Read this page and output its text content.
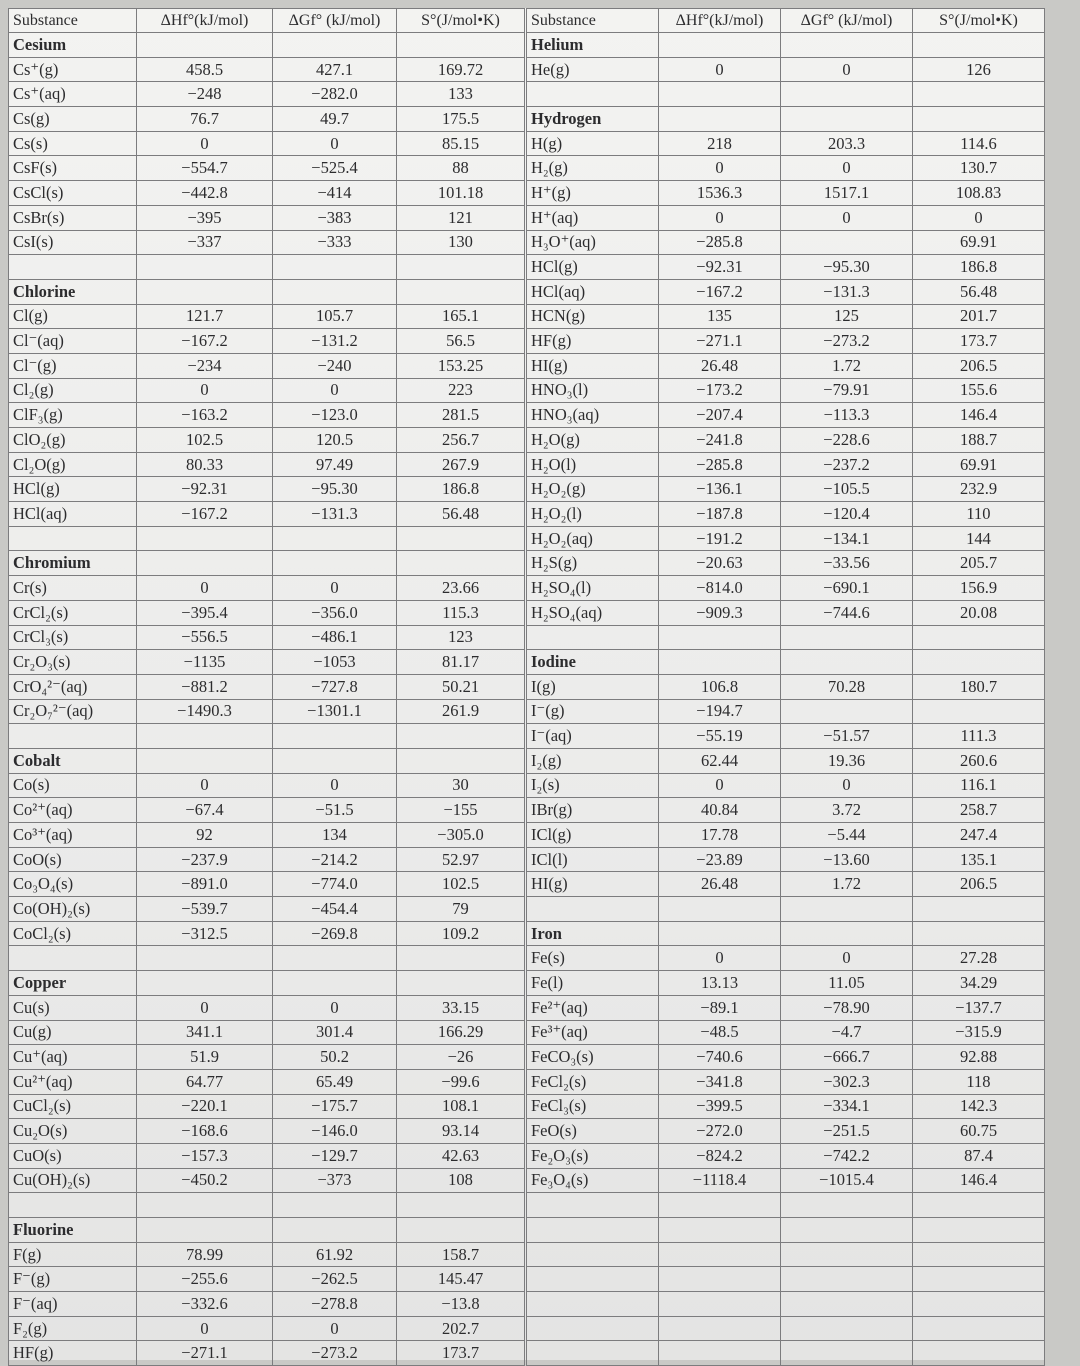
Substance	ΔHf°(kJ/mol)	ΔGf° (kJ/mol)	S°(J/mol•K)
Cesium			
Cs⁺(g)	458.5	427.1	169.72
Cs⁺(aq)	−248	−282.0	133
Cs(g)	76.7	49.7	175.5
Cs(s)	0	0	85.15
CsF(s)	−554.7	−525.4	88
CsCl(s)	−442.8	−414	101.18
CsBr(s)	−395	−383	121
CsI(s)	−337	−333	130

Chlorine			
Cl(g)	121.7	105.7	165.1
Cl⁻(aq)	−167.2	−131.2	56.5
Cl⁻(g)	−234	−240	153.25
Cl₂(g)	0	0	223
ClF₃(g)	−163.2	−123.0	281.5
ClO₂(g)	102.5	120.5	256.7
Cl₂O(g)	80.33	97.49	267.9
HCl(g)	−92.31	−95.30	186.8
HCl(aq)	−167.2	−131.3	56.48

Chromium			
Cr(s)	0	0	23.66
CrCl₂(s)	−395.4	−356.0	115.3
CrCl₃(s)	−556.5	−486.1	123
Cr₂O₃(s)	−1135	−1053	81.17
CrO₄²⁻(aq)	−881.2	−727.8	50.21
Cr₂O₇²⁻(aq)	−1490.3	−1301.1	261.9

Cobalt			
Co(s)	0	0	30
Co²⁺(aq)	−67.4	−51.5	−155
Co³⁺(aq)	92	134	−305.0
CoO(s)	−237.9	−214.2	52.97
Co₃O₄(s)	−891.0	−774.0	102.5
Co(OH)₂(s)	−539.7	−454.4	79
CoCl₂(s)	−312.5	−269.8	109.2

Copper			
Cu(s)	0	0	33.15
Cu(g)	341.1	301.4	166.29
Cu⁺(aq)	51.9	50.2	−26
Cu²⁺(aq)	64.77	65.49	−99.6
CuCl₂(s)	−220.1	−175.7	108.1
Cu₂O(s)	−168.6	−146.0	93.14
CuO(s)	−157.3	−129.7	42.63
Cu(OH)₂(s)	−450.2	−373	108

Fluorine			
F(g)	78.99	61.92	158.7
F⁻(g)	−255.6	−262.5	145.47
F⁻(aq)	−332.6	−278.8	−13.8
F₂(g)	0	0	202.7
HF(g)	−271.1	−273.2	173.7
Substance	ΔHf°(kJ/mol)	ΔGf° (kJ/mol)	S°(J/mol•K)
Helium			
He(g)	0	0	126

Hydrogen			
H(g)	218	203.3	114.6
H₂(g)	0	0	130.7
H⁺(g)	1536.3	1517.1	108.83
H⁺(aq)	0	0	0
H₃O⁺(aq)	−285.8		69.91
HCl(g)	−92.31	−95.30	186.8
HCl(aq)	−167.2	−131.3	56.48
HCN(g)	135	125	201.7
HF(g)	−271.1	−273.2	173.7
HI(g)	26.48	1.72	206.5
HNO₃(l)	−173.2	−79.91	155.6
HNO₃(aq)	−207.4	−113.3	146.4
H₂O(g)	−241.8	−228.6	188.7
H₂O(l)	−285.8	−237.2	69.91
H₂O₂(g)	−136.1	−105.5	232.9
H₂O₂(l)	−187.8	−120.4	110
H₂O₂(aq)	−191.2	−134.1	144
H₂S(g)	−20.63	−33.56	205.7
H₂SO₄(l)	−814.0	−690.1	156.9
H₂SO₄(aq)	−909.3	−744.6	20.08

Iodine			
I(g)	106.8	70.28	180.7
I⁻(g)	−194.7		
I⁻(aq)	−55.19	−51.57	111.3
I₂(g)	62.44	19.36	260.6
I₂(s)	0	0	116.1
IBr(g)	40.84	3.72	258.7
ICl(g)	17.78	−5.44	247.4
ICl(l)	−23.89	−13.60	135.1
HI(g)	26.48	1.72	206.5

Iron			
Fe(s)	0	0	27.28
Fe(l)	13.13	11.05	34.29
Fe²⁺(aq)	−89.1	−78.90	−137.7
Fe³⁺(aq)	−48.5	−4.7	−315.9
FeCO₃(s)	−740.6	−666.7	92.88
FeCl₂(s)	−341.8	−302.3	118
FeCl₃(s)	−399.5	−334.1	142.3
FeO(s)	−272.0	−251.5	60.75
Fe₂O₃(s)	−824.2	−742.2	87.4
Fe₃O₄(s)	−1118.4	−1015.4	146.4
